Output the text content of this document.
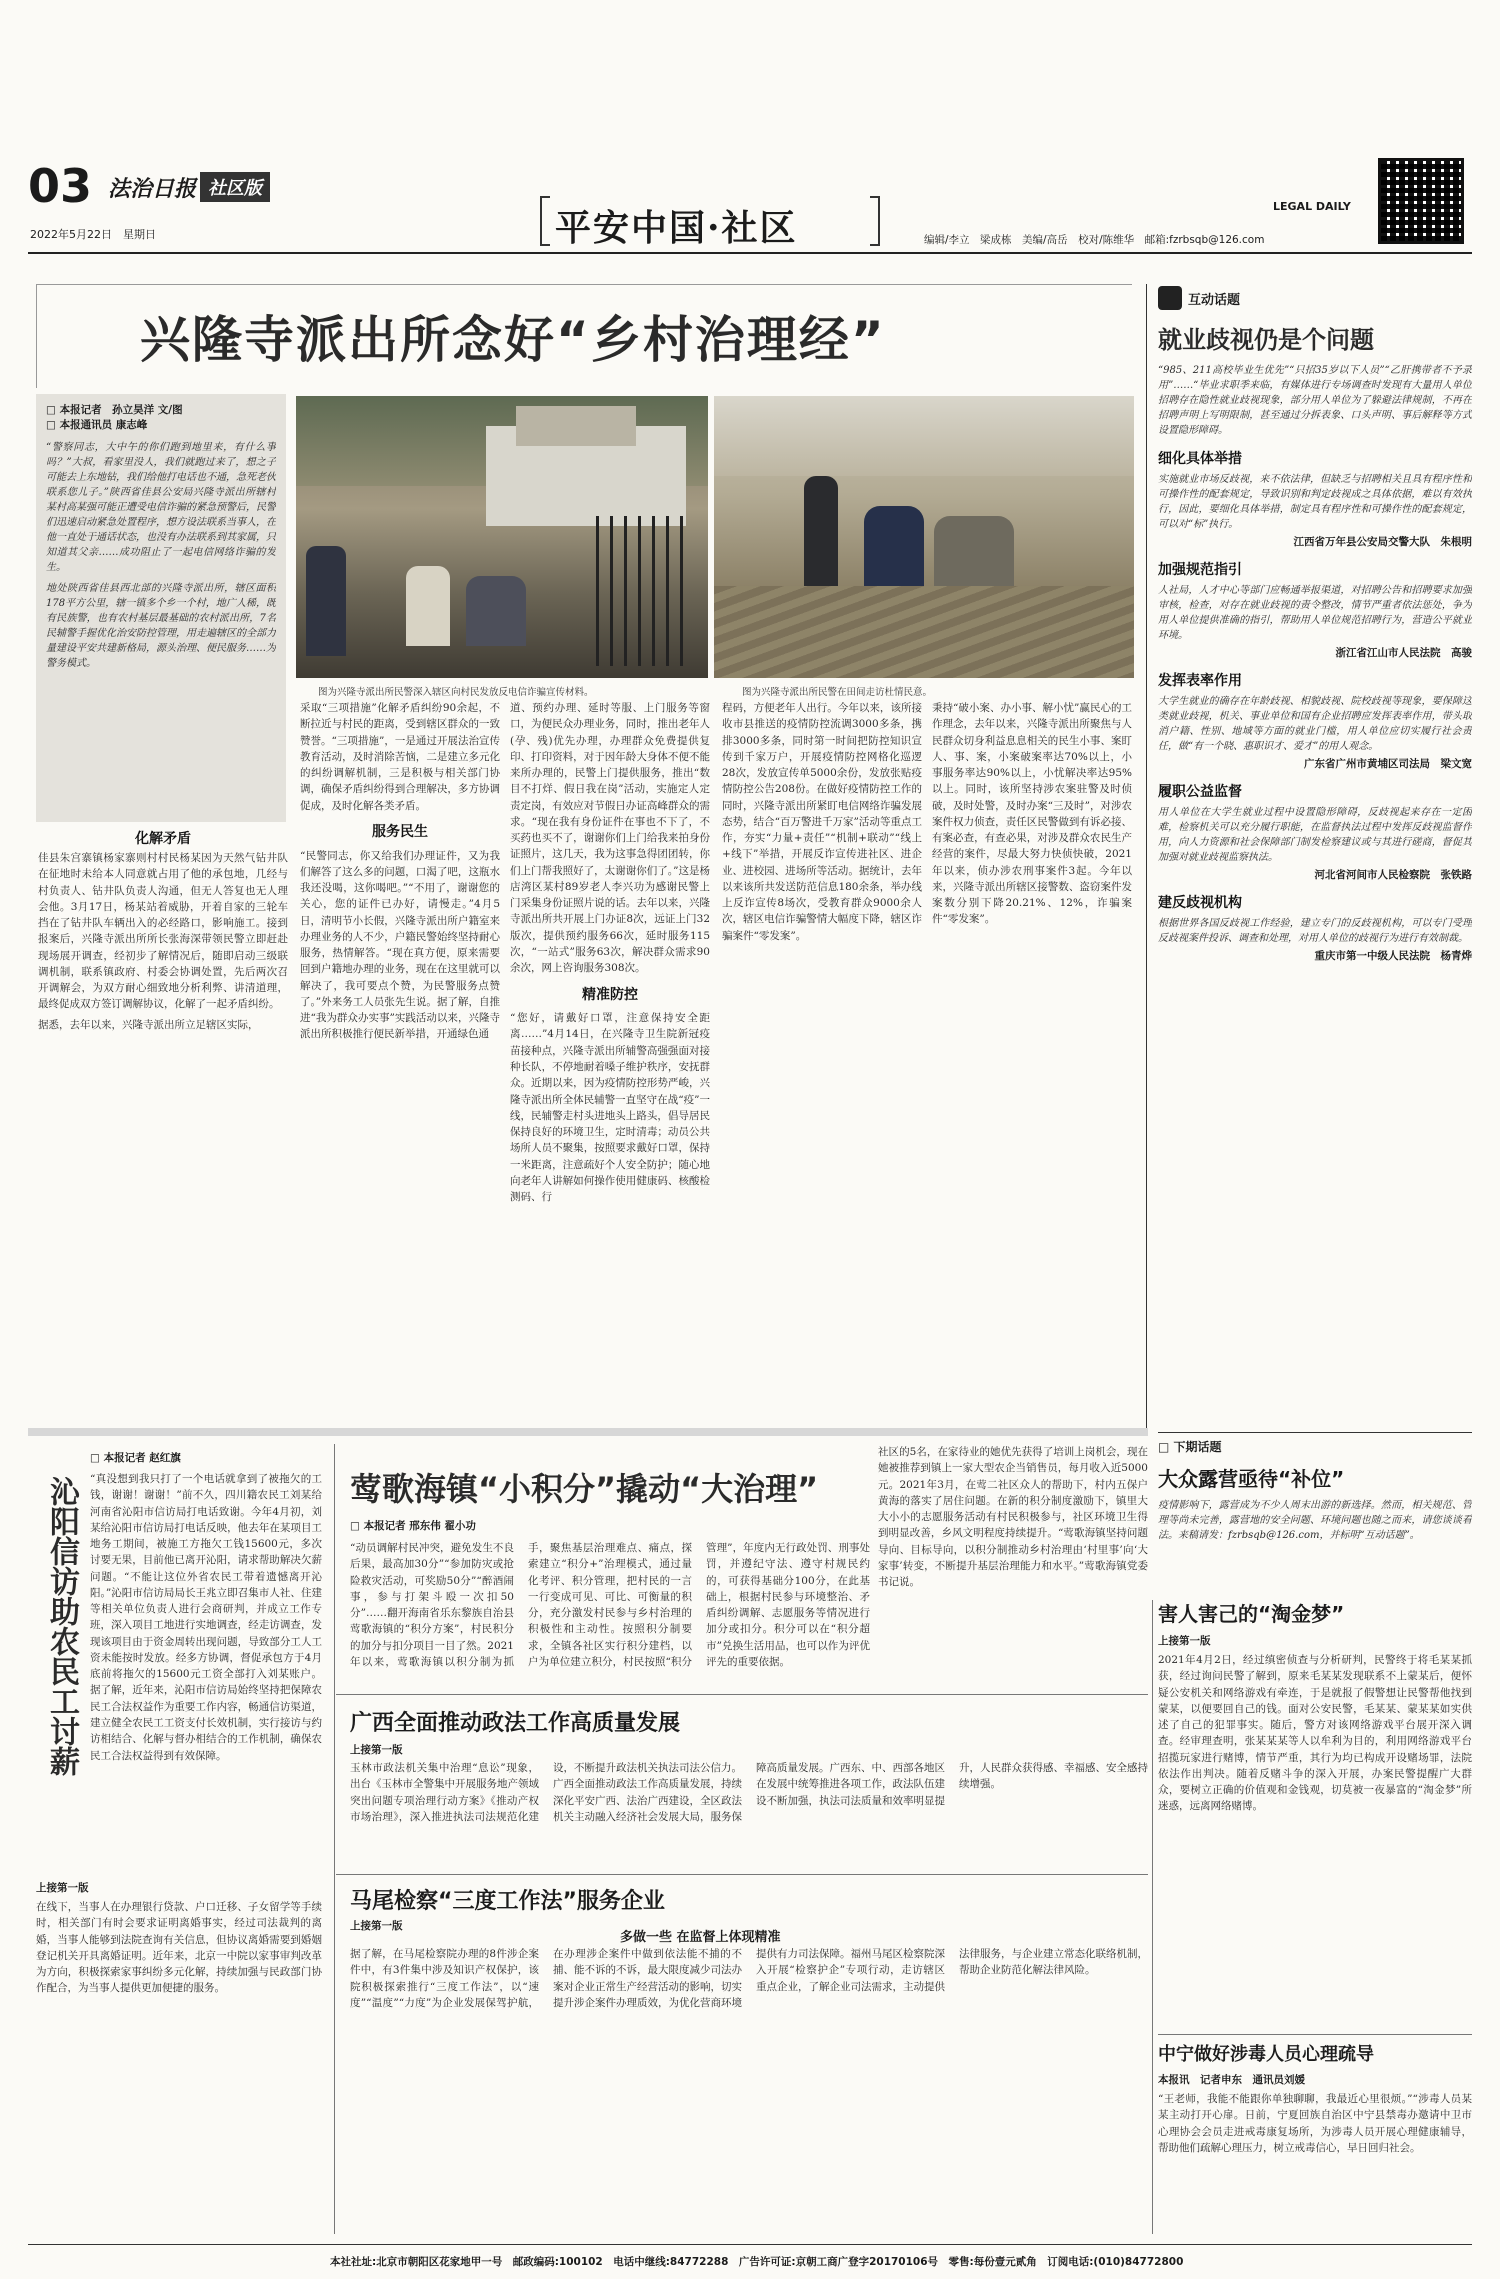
03 法治日报 社区版
2022年5月22日　 星期日	平安中国·社区
LEGAL DAILY
编辑/李立　梁成栋　美编/高岳　校对/陈维华　邮箱:fzrbsqb@126.com
兴隆寺派出所念好“乡村治理经”
□ 本报记者　孙立昊洋 文/图
□ 本报通讯员 康志峰
“警察同志，大中午的你们跑到地里来，有什么事吗？”大叔，看家里没人，我们就跑过来了，想之子可能去上东地钻，我们给他打电话也不通，急死老伙联系您儿子。”陕西省佳县公安局兴隆寺派出所辖村某村高某强可能正遭受电信诈骗的紧急预警后，民警们迅速启动紧急处置程序，想方设法联系当事人，在他一直处于通话状态，也没有办法联系到其家属，只知道其父亲……成功阻止了一起电信网络诈骗的发生。
地处陕西省佳县西北部的兴隆寺派出所，辖区面积178平方公里，辖一镇多个乡一个村，地广人稀，既有民族警，也有农村基层最基础的农村派出所，7名民辅警手握优化治安防控管理，用走遍辖区的全部力量建设平安共建新格局，源头治理、便民服务……为警务模式。
图为兴隆寺派出所民警深入辖区向村民发放反电信诈骗宣传材料。	图为兴隆寺派出所民警在田间走访杜情民意。
化解矛盾
佳县朱宫寨镇杨家寨则村村民杨某因为天然气钻井队在征地时未给本人同意就占用了他的承包地，几经与村负责人、钻井队负责人沟通，但无人答复也无人理会他。3月17日，杨某站着威胁，开着自家的三轮车挡在了钻井队车辆出入的必经路口，影响施工。接到报案后，兴隆寺派出所所长张海深带领民警立即赶赴现场展开调查，经初步了解情况后，随即启动三级联调机制，联系镇政府、村委会协调处置，先后两次召开调解会，为双方耐心细致地分析利弊、讲清道理，最终促成双方签订调解协议，化解了一起矛盾纠纷。
据悉，去年以来，兴隆寺派出所立足辖区实际，
采取“三项措施”化解矛盾纠纷90余起，不断拉近与村民的距离，受到辖区群众的一致赞誉。“三项措施”，一是通过开展法治宣传教育活动，及时消除苦恼，二是建立多元化的纠纷调解机制，三是积极与相关部门协调，确保矛盾纠纷得到合理解决，多方协调促成，及时化解各类矛盾。
服务民生
“民警同志，你又给我们办理证件，又为我们解答了这么多的问题，口渴了吧，这瓶水我还没喝，这你喝吧。”“不用了，谢谢您的关心，您的证件已办好，请慢走。”4月5日，清明节小长假，兴隆寺派出所户籍室来办理业务的人不少，户籍民警始终坚持耐心服务，热情解答。“现在真方便，原来需要回到户籍地办理的业务，现在在这里就可以解决了，我可要点个赞，为民警服务点赞了。”外来务工人员张先生说。据了解，自推进“我为群众办实事”实践活动以来，兴隆寺派出所积极推行便民新举措，开通绿色通
道、预约办理、延时等服、上门服务等窗口，为便民众办理业务，同时，推出老年人(孕、残)优先办理，办理群众免费提供复印、打印资料，对于因年龄大身体不便不能来所办理的，民警上门提供服务，推出“数目不打烊、假日我在岗”活动，实施定人定责定岗，有效应对节假日办证高峰群众的需求。“现在我有身份证件在事也不下了，不买药也买不了，谢谢你们上门给我来拍身份证照片，这几天，我为这事急得团团转，你们上门帮我照好了，太谢谢你们了。”这是杨店湾区某村89岁老人李兴功为感谢民警上门采集身份证照片说的话。去年以来，兴隆寺派出所共开展上门办证8次，远证上门32版次，提供预约服务66次，延时服务115次，“一站式”服务63次，解决群众需求90余次，网上咨询服务308次。
精准防控
“您好，请戴好口罩，注意保持安全距离……”4月14日，在兴隆寺卫生院新冠疫苗接种点，兴隆寺派出所辅警高强强面对接种长队，不停地耐着嗓子维护秩序，安抚群众。近期以来，因为疫情防控形势严峻，兴隆寺派出所全体民辅警一直坚守在战“疫”一线，民辅警走村头进地头上路头，倡导居民保持良好的环境卫生，定时清毒；动员公共场所人员不聚集，按照要求戴好口罩，保持一米距离，注意疏好个人安全防护；随心地向老年人讲解如何操作使用健康码、核酸检测码、行
程码，方便老年人出行。今年以来，该所接收市县推送的疫情防控流调3000多条，携排3000多条，同时第一时间把防控知识宣传到千家万户，开展疫情防控网格化巡逻28次，发放宣传单5000余份，发放张贴疫情防控公告208份。在做好疫情防控工作的同时，兴隆寺派出所紧盯电信网络诈骗发展态势，结合“百万警进千万家”活动等重点工作，夯实“力量+责任”“机制+联动”“线上+线下”举措，开展反诈宣传进社区、进企业、进校园、进场所等活动。据统计，去年以来该所共发送防范信息180余条，举办线上反诈宣传8场次，受教育群众9000余人次，辖区电信诈骗警情大幅度下降，辖区诈骗案件“零发案”。
秉持“破小案、办小事、解小忧”赢民心的工作理念，去年以来，兴隆寺派出所聚焦与人民群众切身利益息息相关的民生小事、案盯人、事、案，小案破案率达70%以上，小事服务率达90%以上，小忧解决率达95%以上。同时，该所坚持涉农案驻警及时侦破，及时处警，及时办案“三及时”，对涉农案件权力侦查，责任区民警做到有诉必接、有案必查，有查必果，对涉及群众农民生产经营的案件，尽最大努力快侦快破，2021年以来，侦办涉农刑事案件3起。今年以来，兴隆寺派出所辖区接警数、盗窃案件发案数分别下降20.21%、12%，诈骗案件“零发案”。
互动话题
就业歧视仍是个问题
“985、211高校毕业生优先”“只招35岁以下人员”“乙肝携带者不予录用”……“毕业求职季来临，有媒体进行专场调查时发现有大量用人单位招聘存在隐性就业歧视现象，部分用人单位为了躲避法律规制，不再在招聘声明上写明限制，甚至通过分拆表象、口头声明、事后解释等方式设置隐形障碍。
细化具体举措
实施就业市场反歧视，来不依法律，但缺乏与招聘相关且具有程序性和可操作性的配套规定，导致识别和判定歧视成之具体依据，难以有效执行，因此，要细化具体举措，制定具有程序性和可操作性的配套规定，可以对“标”执行。
江西省万年县公安局交警大队　朱根明
加强规范指引
人社局，人才中心等部门应畅通举报渠道，对招聘公告和招聘要求加强审核，检查，对存在就业歧视的责令整改，情节严重者依法惩处，争为用人单位提供准确的指引，帮助用人单位规范招聘行为，营造公平就业环境。
浙江省江山市人民法院　高骏
发挥表率作用
大学生就业的确存在年龄歧视、相貌歧视、院校歧视等现象，要保障这类就业歧视，机关、事业单位和国有企业招聘应发挥表率作用，带头取消户籍、性别、地域等方面的就业门槛，用人单位应切实履行社会责任，做“有一个晓、惠职识才、爱才”的用人观念。
广东省广州市黄埔区司法局　梁文宽
履职公益监督
用人单位在大学生就业过程中设置隐形障碍，反歧视起来存在一定困难，检察机关可以充分履行职能，在监督执法过程中发挥反歧视监督作用，向人力资源和社会保障部门制发检察建议或与其进行磋商，督促其加强对就业歧视监察执法。
河北省河间市人民检察院　张铁路
建反歧视机构
根据世界各国反歧视工作经验，建立专门的反歧视机构，可以专门受理反歧视案件投诉、调查和处理，对用人单位的歧视行为进行有效制裁。
重庆市第一中级人民法院　杨青烨
□ 下期话题
大众露营亟待“补位”
疫情影响下，露营成为不少人周末出游的新选择。然而，相关规范、管理等尚未完善，露营地的安全问题、环境问题也随之而来，请您谈谈看法。来稿请发：fzrbsqb@126.com，并标明“互动话题”。
沁阳信访助农民工讨薪
□ 本报记者 赵红旗
“真没想到我只打了一个电话就拿到了被拖欠的工钱，谢谢！谢谢！”前不久，四川籍农民工刘某给河南省沁阳市信访局打电话致谢。今年4月初，刘某给沁阳市信访局打电话反映，他去年在某项目工地务工期间，被施工方拖欠工钱15600元，多次讨要无果，目前他已离开沁阳，请求帮助解决欠薪问题。“不能让这位外省农民工带着遗憾离开沁阳。”沁阳市信访局局长王兆立即召集市人社、住建等相关单位负责人进行会商研判，并成立工作专班，深入项目工地进行实地调查，经走访调查，发现该项目由于资金周转出现问题，导致部分工人工资未能按时发放。经多方协调，督促承包方于4月底前将拖欠的15600元工资全部打入刘某账户。据了解，近年来，沁阳市信访局始终坚持把保障农民工合法权益作为重要工作内容，畅通信访渠道，建立健全农民工工资支付长效机制，实行接访与约访相结合、化解与督办相结合的工作机制，确保农民工合法权益得到有效保障。
上接第一版
在线下，当事人在办理银行贷款、户口迁移、子女留学等手续时，相关部门有时会要求证明离婚事实，经过司法裁判的离婚，当事人能够到法院查询有关信息，但协议离婚需要到婚姻登记机关开具离婚证明。近年来，北京一中院以家事审判改革为方向，积极探索家事纠纷多元化解，持续加强与民政部门协作配合，为当事人提供更加便捷的服务。
莺歌海镇“小积分”撬动“大治理”
□ 本报记者 邢东伟 翟小功
“动员调解村民冲突，避免发生不良后果，最高加30分”“参加防灾或抢险救灾活动，可奖励50分”“醉酒闹事，参与打架斗殴一次扣50分”……翻开海南省乐东黎族自治县莺歌海镇的“积分方案”，村民积分的加分与扣分项目一目了然。2021年以来，莺歌海镇以积分制为抓手，聚焦基层治理难点、痛点，探索建立“积分+”治理模式，通过量化考评、积分管理，把村民的一言一行变成可见、可比、可衡量的积分，充分激发村民参与乡村治理的积极性和主动性。按照积分制要求，全镇各社区实行积分建档，以户为单位建立积分，村民按照“积分管理”，年度内无行政处罚、刑事处罚，并遵纪守法、遵守村规民约的，可获得基础分100分，在此基础上，根据村民参与环境整治、矛盾纠纷调解、志愿服务等情况进行加分或扣分。积分可以在“积分超市”兑换生活用品，也可以作为评优评先的重要依据。
社区的5名，在家待业的她优先获得了培训上岗机会，现在她被推荐到镇上一家大型农企当销售员，每月收入近5000元。2021年3月，在莺二社区众人的帮助下，村内五保户黄海的落实了居住问题。在新的积分制度激励下，镇里大大小小的志愿服务活动有村民积极参与，社区环境卫生得到明显改善，乡风文明程度持续提升。“莺歌海镇坚持问题导向、目标导向，以积分制推动乡村治理由‘村里事’向‘大家事’转变，不断提升基层治理能力和水平。”莺歌海镇党委书记说。
广西全面推动政法工作高质量发展
上接第一版
玉林市政法机关集中治理“息讼”现象，出台《玉林市全警集中开展服务地产领域突出问题专项治理行动方案》《推动产权市场治理》，深入推进执法司法规范化建设，不断提升政法机关执法司法公信力。广西全面推动政法工作高质量发展，持续深化平安广西、法治广西建设，全区政法机关主动融入经济社会发展大局，服务保障高质量发展。广西东、中、西部各地区在发展中统筹推进各项工作，政法队伍建设不断加强，执法司法质量和效率明显提升，人民群众获得感、幸福感、安全感持续增强。
马尾检察“三度工作法”服务企业
上接第一版
多做一些 在监督上体现精准
据了解，在马尾检察院办理的8件涉企案件中，有3件集中涉及知识产权保护，该院积极探索推行“三度工作法”，以“速度”“温度”“力度”为企业发展保驾护航，在办理涉企案件中做到依法能不捕的不捕、能不诉的不诉，最大限度减少司法办案对企业正常生产经营活动的影响，切实提升涉企案件办理质效，为优化营商环境提供有力司法保障。福州马尾区检察院深入开展“检察护企”专项行动，走访辖区重点企业，了解企业司法需求，主动提供法律服务，与企业建立常态化联络机制，帮助企业防范化解法律风险。
害人害己的“淘金梦”
上接第一版
2021年4月2日，经过缜密侦查与分析研判，民警终于将毛某某抓获，经过询问民警了解到，原来毛某某发现联系不上蒙某后，便怀疑公安机关和网络游戏有牵连，于是就报了假警想让民警帮他找到蒙某，以便要回自己的钱。面对公安民警，毛某某、蒙某某如实供述了自己的犯罪事实。随后，警方对该网络游戏平台展开深入调查。经审理查明，张某某某等人以牟利为目的，利用网络游戏平台招揽玩家进行赌博，情节严重，其行为均已构成开设赌场罪，法院依法作出判决。随着反赌斗争的深入开展，办案民警提醒广大群众，要树立正确的价值观和金钱观，切莫被一夜暴富的“淘金梦”所迷惑，远离网络赌博。
中宁做好涉毒人员心理疏导
本报讯　记者申东　通讯员刘媛
“王老师，我能不能跟你单独聊聊，我最近心里很烦。”“涉毒人员某某主动打开心扉。日前，宁夏回族自治区中宁县禁毒办邀请中卫市心理协会会员走进戒毒康复场所，为涉毒人员开展心理健康辅导，帮助他们疏解心理压力，树立戒毒信心，早日回归社会。
本社社址:北京市朝阳区花家地甲一号　邮政编码:100102　电话中继线:84772288　广告许可证:京朝工商广登字20170106号　零售:每份壹元贰角　订阅电话:(010)84772800
